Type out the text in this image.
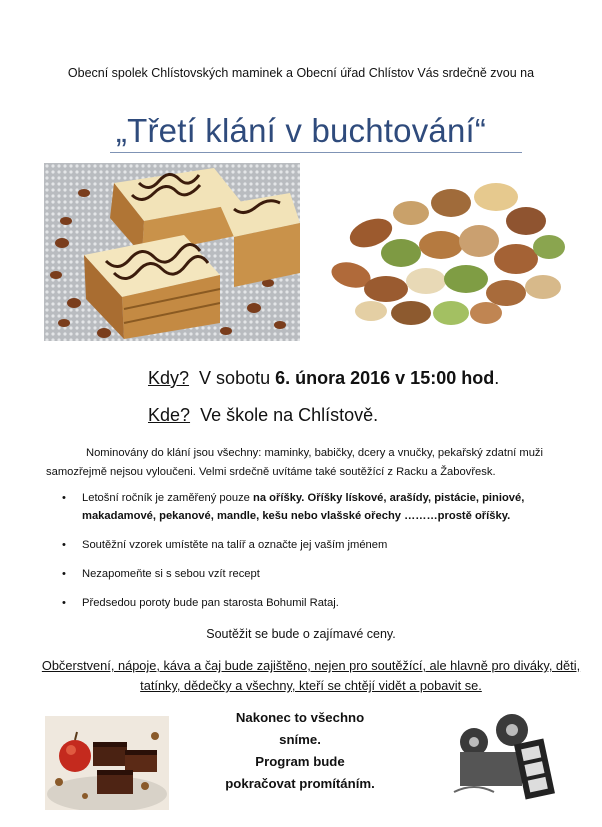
Obecní spolek Chlístovských maminek a Obecní úřad Chlístov Vás srdečně zvou na
„Třetí klání v buchtování“
Kdy? V sobotu 6. února 2016 v 15:00 hod.
Kde? Ve škole na Chlístově.
Nominovány do klání jsou všechny: maminky, babičky, dcery a vnučky, pekařský zdatní muži samozřejmě nejsou vyloučeni. Velmi srdečně uvítáme také soutěžící z Racku a Žabovřesk.
• Letošní ročník je zaměřený pouze na oříšky. Oříšky lískové, arašídy, pistácie, piniové, makadamové, pekanové, mandle, kešu nebo vlašské ořechy ………prostě oříšky.
• Soutěžní vzorek umístěte na talíř a označte jej vaším jménem
• Nezapomeňte si s sebou vzít recept
• Předsedou poroty bude pan starosta Bohumil Rataj.
Soutěžit se bude o zajímavé ceny.
Občerstvení, nápoje, káva a čaj bude zajištěno, nejen pro soutěžící, ale hlavně pro diváky, děti, tatínky, dědečky a všechny, kteří se chtějí vidět a pobavit se.
Nakonec to všechno
sníme.
Program bude
pokračovat promítáním.
